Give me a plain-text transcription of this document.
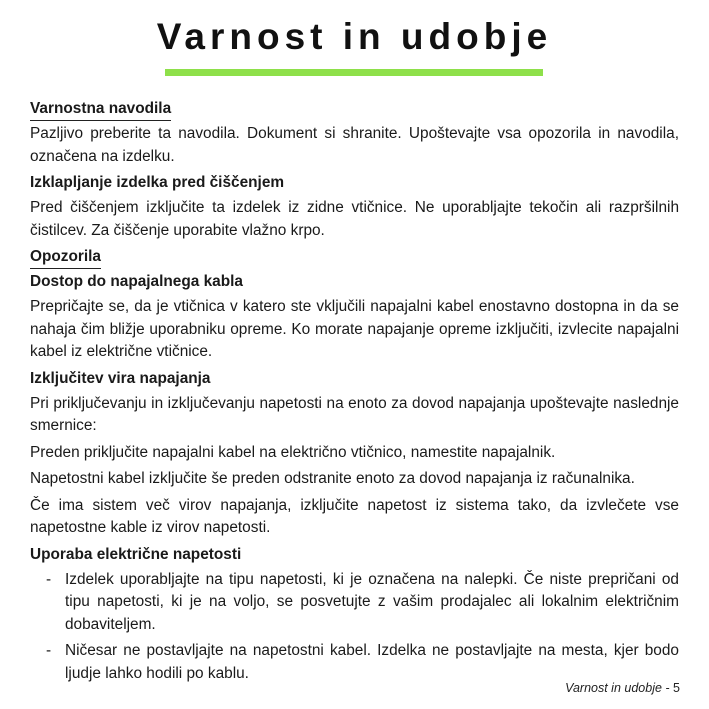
Varnost in udobje
Varnostna navodila

Pazljivo preberite ta navodila. Dokument si shranite. Upoštevajte vsa opozorila in navodila, označena na izdelku.

Izklapljanje izdelka pred čiščenjem

Pred čiščenjem izključite ta izdelek iz zidne vtičnice. Ne uporabljajte tekočin ali razpršilnih čistilcev. Za čiščenje uporabite vlažno krpo.

Opozorila
Dostop do napajalnega kabla

Prepričajte se, da je vtičnica v katero ste vključili napajalni kabel enostavno dostopna in da se nahaja čim bližje uporabniku opreme. Ko morate napajanje opreme izključiti, izvlecite napajalni kabel iz električne vtičnice.

Izključitev vira napajanja

Pri priključevanju in izključevanju napetosti na enoto za dovod napajanja upoštevajte naslednje smernice:

Preden priključite napajalni kabel na električno vtičnico, namestite napajalnik.

Napetostni kabel izključite še preden odstranite enoto za dovod napajanja iz računalnika.

Če ima sistem več virov napajanja, izključite napetost iz sistema tako, da izvlečete vse napetostne kable iz virov napetosti.

Uporaba električne napetosti
- Izdelek uporabljajte na tipu napetosti, ki je označena na nalepki. Če niste prepričani od tipu napetosti, ki je na voljo, se posvetujte z vašim prodajalec ali lokalnim električnim dobaviteljem.
- Ničesar ne postavljajte na napetostni kabel. Izdelka ne postavljajte na mesta, kjer bodo ljudje lahko hodili po kablu.
Varnost in udobje - 5
